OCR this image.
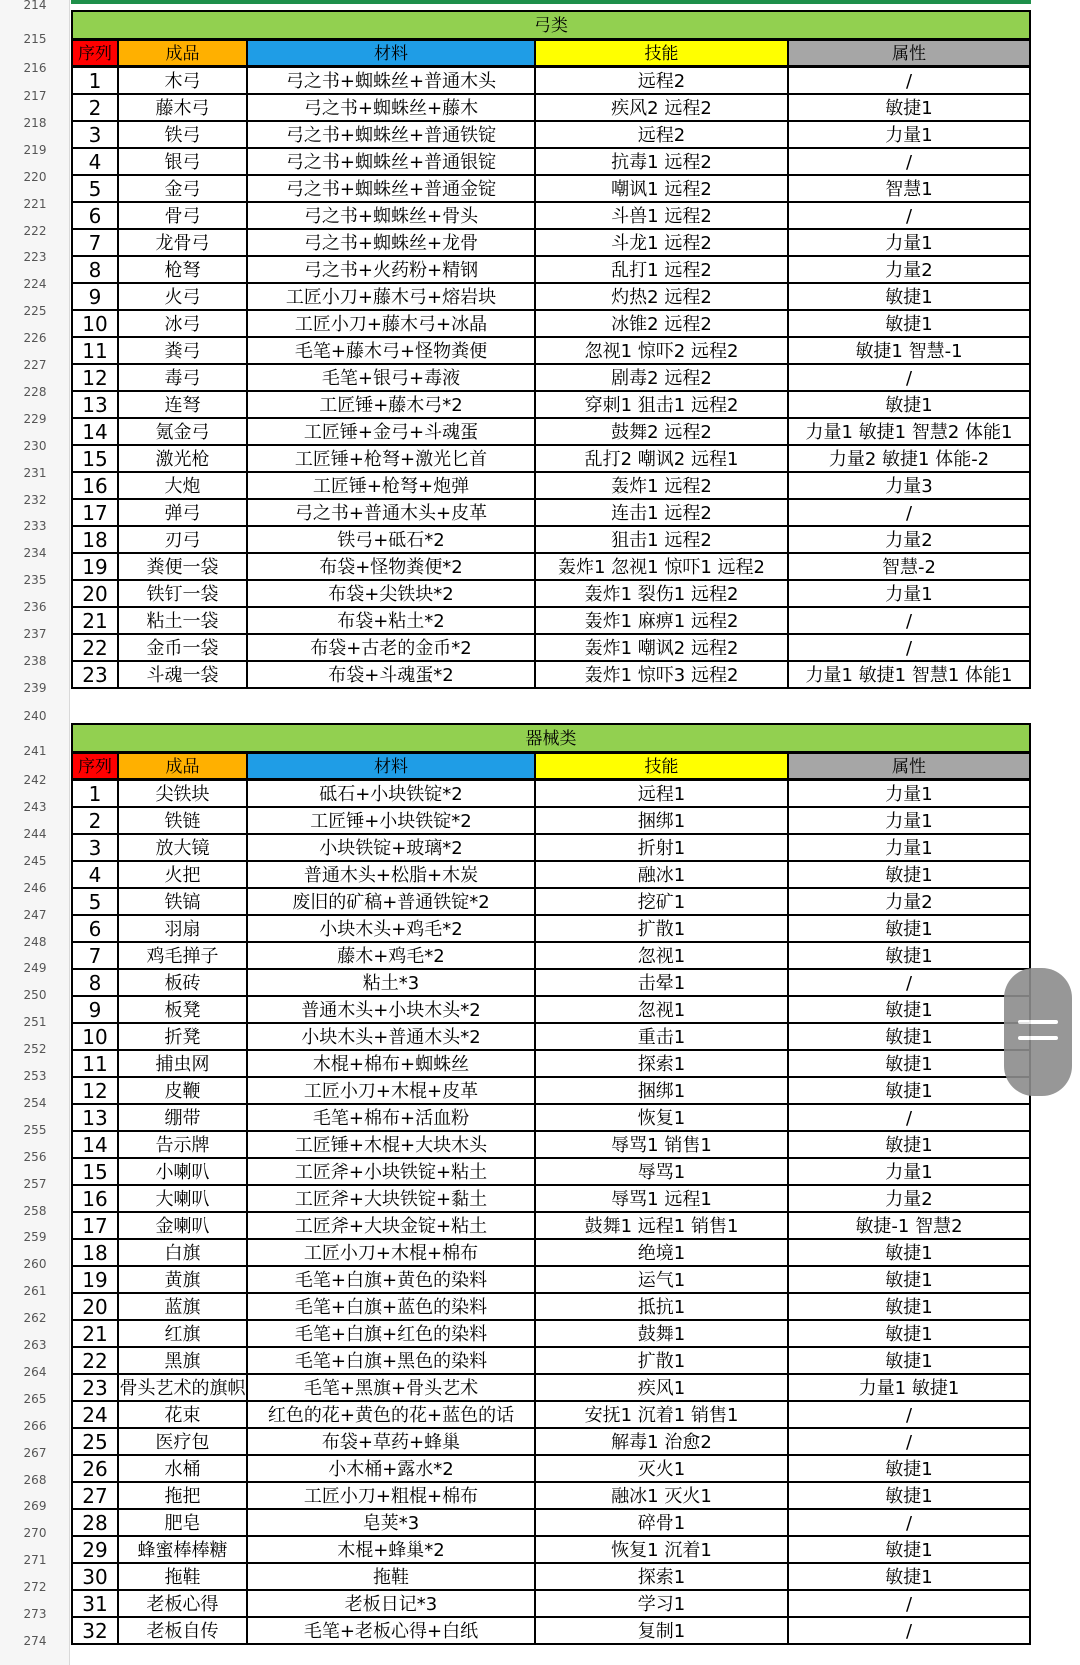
214
215
216
217
218
219
220
221
222
223
224
225
226
227
228
229
230
231
232
233
234
235
236
237
238
239
240
241
242
243
244
245
246
247
248
249
250
251
252
253
254
255
256
257
258
259
260
261
262
263
264
265
266
267
268
269
270
271
272
273
274
弓类
序列	成品	材料	技能	属性
1	木弓	弓之书+蜘蛛丝+普通木头	远程2	/
2	藤木弓	弓之书+蜘蛛丝+藤木	疾风2 远程2	敏捷1
3	铁弓	弓之书+蜘蛛丝+普通铁锭	远程2	力量1
4	银弓	弓之书+蜘蛛丝+普通银锭	抗毒1 远程2	/
5	金弓	弓之书+蜘蛛丝+普通金锭	嘲讽1 远程2	智慧1
6	骨弓	弓之书+蜘蛛丝+骨头	斗兽1 远程2	/
7	龙骨弓	弓之书+蜘蛛丝+龙骨	斗龙1 远程2	力量1
8	枪弩	弓之书+火药粉+精钢	乱打1 远程2	力量2
9	火弓	工匠小刀+藤木弓+熔岩块	灼热2 远程2	敏捷1
10	冰弓	工匠小刀+藤木弓+冰晶	冰锥2 远程2	敏捷1
11	粪弓	毛笔+藤木弓+怪物粪便	忽视1 惊吓2 远程2	敏捷1 智慧-1
12	毒弓	毛笔+银弓+毒液	剧毒2 远程2	/
13	连弩	工匠锤+藤木弓*2	穿刺1 狙击1 远程2	敏捷1
14	氪金弓	工匠锤+金弓+斗魂蛋	鼓舞2 远程2	力量1 敏捷1 智慧2 体能1
15	激光枪	工匠锤+枪弩+激光匕首	乱打2 嘲讽2 远程1	力量2 敏捷1 体能-2
16	大炮	工匠锤+枪弩+炮弹	轰炸1 远程2	力量3
17	弹弓	弓之书+普通木头+皮革	连击1 远程2	/
18	刃弓	铁弓+砥石*2	狙击1 远程2	力量2
19	粪便一袋	布袋+怪物粪便*2	轰炸1 忽视1 惊吓1 远程2	智慧-2
20	铁钉一袋	布袋+尖铁块*2	轰炸1 裂伤1 远程2	力量1
21	粘土一袋	布袋+粘土*2	轰炸1 麻痹1 远程2	/
22	金币一袋	布袋+古老的金币*2	轰炸1 嘲讽2 远程2	/
23	斗魂一袋	布袋+斗魂蛋*2	轰炸1 惊吓3 远程2	力量1 敏捷1 智慧1 体能1
器械类
序列	成品	材料	技能	属性
1	尖铁块	砥石+小块铁锭*2	远程1	力量1
2	铁链	工匠锤+小块铁锭*2	捆绑1	力量1
3	放大镜	小块铁锭+玻璃*2	折射1	力量1
4	火把	普通木头+松脂+木炭	融冰1	敏捷1
5	铁镐	废旧的矿稿+普通铁锭*2	挖矿1	力量2
6	羽扇	小块木头+鸡毛*2	扩散1	敏捷1
7	鸡毛掸子	藤木+鸡毛*2	忽视1	敏捷1
8	板砖	粘土*3	击晕1	/
9	板凳	普通木头+小块木头*2	忽视1	敏捷1
10	折凳	小块木头+普通木头*2	重击1	敏捷1
11	捕虫网	木棍+棉布+蜘蛛丝	探索1	敏捷1
12	皮鞭	工匠小刀+木棍+皮革	捆绑1	敏捷1
13	绷带	毛笔+棉布+活血粉	恢复1	/
14	告示牌	工匠锤+木棍+大块木头	辱骂1 销售1	敏捷1
15	小喇叭	工匠斧+小块铁锭+粘土	辱骂1	力量1
16	大喇叭	工匠斧+大块铁锭+黏土	辱骂1 远程1	力量2
17	金喇叭	工匠斧+大块金锭+粘土	鼓舞1 远程1 销售1	敏捷-1 智慧2
18	白旗	工匠小刀+木棍+棉布	绝境1	敏捷1
19	黄旗	毛笔+白旗+黄色的染料	运气1	敏捷1
20	蓝旗	毛笔+白旗+蓝色的染料	抵抗1	敏捷1
21	红旗	毛笔+白旗+红色的染料	鼓舞1	敏捷1
22	黑旗	毛笔+白旗+黑色的染料	扩散1	敏捷1
23 骨头艺术的旗帜	毛笔+黑旗+骨头艺术	疾风1	力量1 敏捷1
24	花束	红色的花+黄色的花+蓝色的话	安抚1 沉着1 销售1	/
25	医疗包	布袋+草药+蜂巢	解毒1 治愈2	/
26	水桶	小木桶+露水*2	灭火1	敏捷1
27	拖把	工匠小刀+粗棍+棉布	融冰1 灭火1	敏捷1
28	肥皂	皂荚*3	碎骨1	/
29	蜂蜜棒棒糖	木棍+蜂巢*2	恢复1 沉着1	敏捷1
30	拖鞋	拖鞋	探索1	敏捷1
31	老板心得	老板日记*3	学习1	/
32	老板自传	毛笔+老板心得+白纸	复制1	/
